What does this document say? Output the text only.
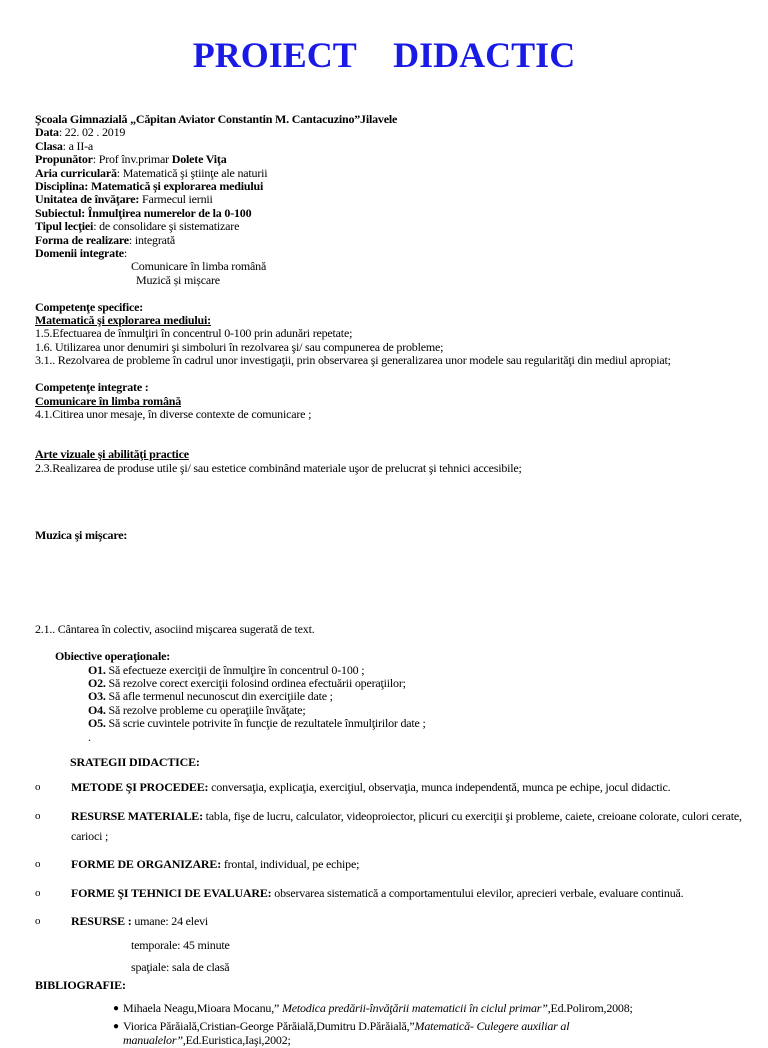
PROIECT DIDACTIC
Şcoala Gimnazială „Căpitan Aviator Constantin M. Cantacuzino”Jilavele
Data: 22. 02 . 2019
Clasa: a II-a
Propunător: Prof înv.primar Dolete Viţa
Aria curriculară: Matematică şi ştiinţe ale naturii
Disciplina: Matematică și explorarea mediului
Unitatea de învăţare: Farmecul iernii
Subiectul: Înmulţirea numerelor de la 0-100
Tipul lecţiei: de consolidare şi sistematizare
Forma de realizare: integrată
Domenii integrate:
Comunicare în limba română
Muzică și mișcare
Competenţe specifice:
Matematică şi explorarea mediului:
1.5.Efectuarea de înmulţiri în concentrul 0-100 prin adunări repetate;
1.6. Utilizarea unor denumiri şi simboluri în rezolvarea şi/ sau compunerea de probleme;
3.1.. Rezolvarea de probleme în cadrul unor investigaţii, prin observarea şi generalizarea unor modele sau regularităţi din mediul apropiat;
Competenţe integrate :
Comunicare în limba română
4.1.Citirea unor mesaje, în diverse contexte de comunicare ;
Arte vizuale şi abilităţi practice
2.3.Realizarea de produse utile şi/ sau estetice combinând materiale uşor de prelucrat şi tehnici accesibile;
Muzica şi mişcare:
2.1.. Cântarea în colectiv, asociind mişcarea sugerată de text.
Obiective operaţionale:
O1. Să efectueze exerciţii de înmulţire în concentrul 0-100 ;
O2. Să rezolve corect exerciţii folosind ordinea efectuării operaţiilor;
O3. Să afle termenul necunoscut din exerciţiile date ;
O4. Să rezolve probleme cu operaţiile învăţate;
O5. Să scrie cuvintele potrivite în funcţie de rezultatele înmulţirilor date ;
.
SRATEGII DIDACTICE:
o	METODE ŞI PROCEDEE: conversaţia, explicaţia, exerciţiul, observaţia, munca independentă, munca pe echipe, jocul didactic.
o	RESURSE MATERIALE: tabla, fişe de lucru, calculator, videoproiector, plicuri cu exerciţii şi probleme, caiete, creioane colorate, culori cerate, carioci ;
o	FORME DE ORGANIZARE: frontal, individual, pe echipe;
o	FORME ŞI TEHNICI DE EVALUARE: observarea sistematică a comportamentului elevilor, aprecieri verbale, evaluare continuă.
o	RESURSE : umane: 24 elevi
temporale: 45 minute
spaţiale: sala de clasă
BIBLIOGRAFIE:
● Mihaela Neagu,Mioara Mocanu,” Metodica predării-învăţării matematicii în ciclul primar”,Ed.Polirom,2008;
● Viorica Părăială,Cristian-George Părăială,Dumitru D.Părăială,”Matematică- Culegere auxiliar al manualelor”,Ed.Euristica,Iaşi,2002;
